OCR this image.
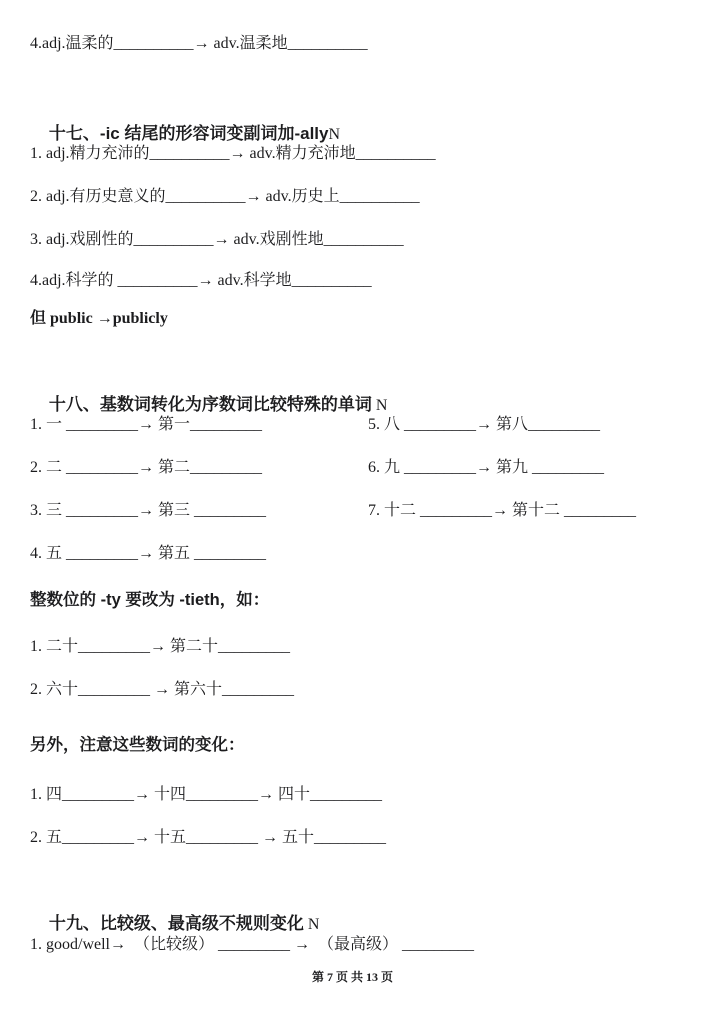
4.adj.温柔的__________→ adv.温柔地__________

十七、-ic 结尾的形容词变副词加-allyN

1. adj.精力充沛的__________→ adv.精力充沛地__________
2. adj.有历史意义的__________→ adv.历史上__________
3. adj.戏剧性的__________→ adv.戏剧性地__________
4.adj.科学的 __________→ adv.科学地__________
但 public →publicly

十八、基数词转化为序数词比较特殊的单词 N

1. 一 _________→ 第一_________
2. 二 _________→ 第二_________
3. 三 _________→ 第三 _________
4. 五 _________→ 第五 _________
5. 八 _________→ 第八_________
6. 九 _________→ 第九 _________
7. 十二 _________→ 第十二 _________
整数位的 -ty 要改为 -tieth，如：
1. 二十_________→ 第二十_________
2. 六十_________ → 第六十_________
另外，注意这些数词的变化：
1. 四_________→ 十四_________→ 四十_________
2. 五_________→ 十五_________ → 五十_________

十九、比较级、最高级不规则变化 N

1. good/well→  （比较级） _________ →  （最高级） _________
第 7 页 共 13 页
